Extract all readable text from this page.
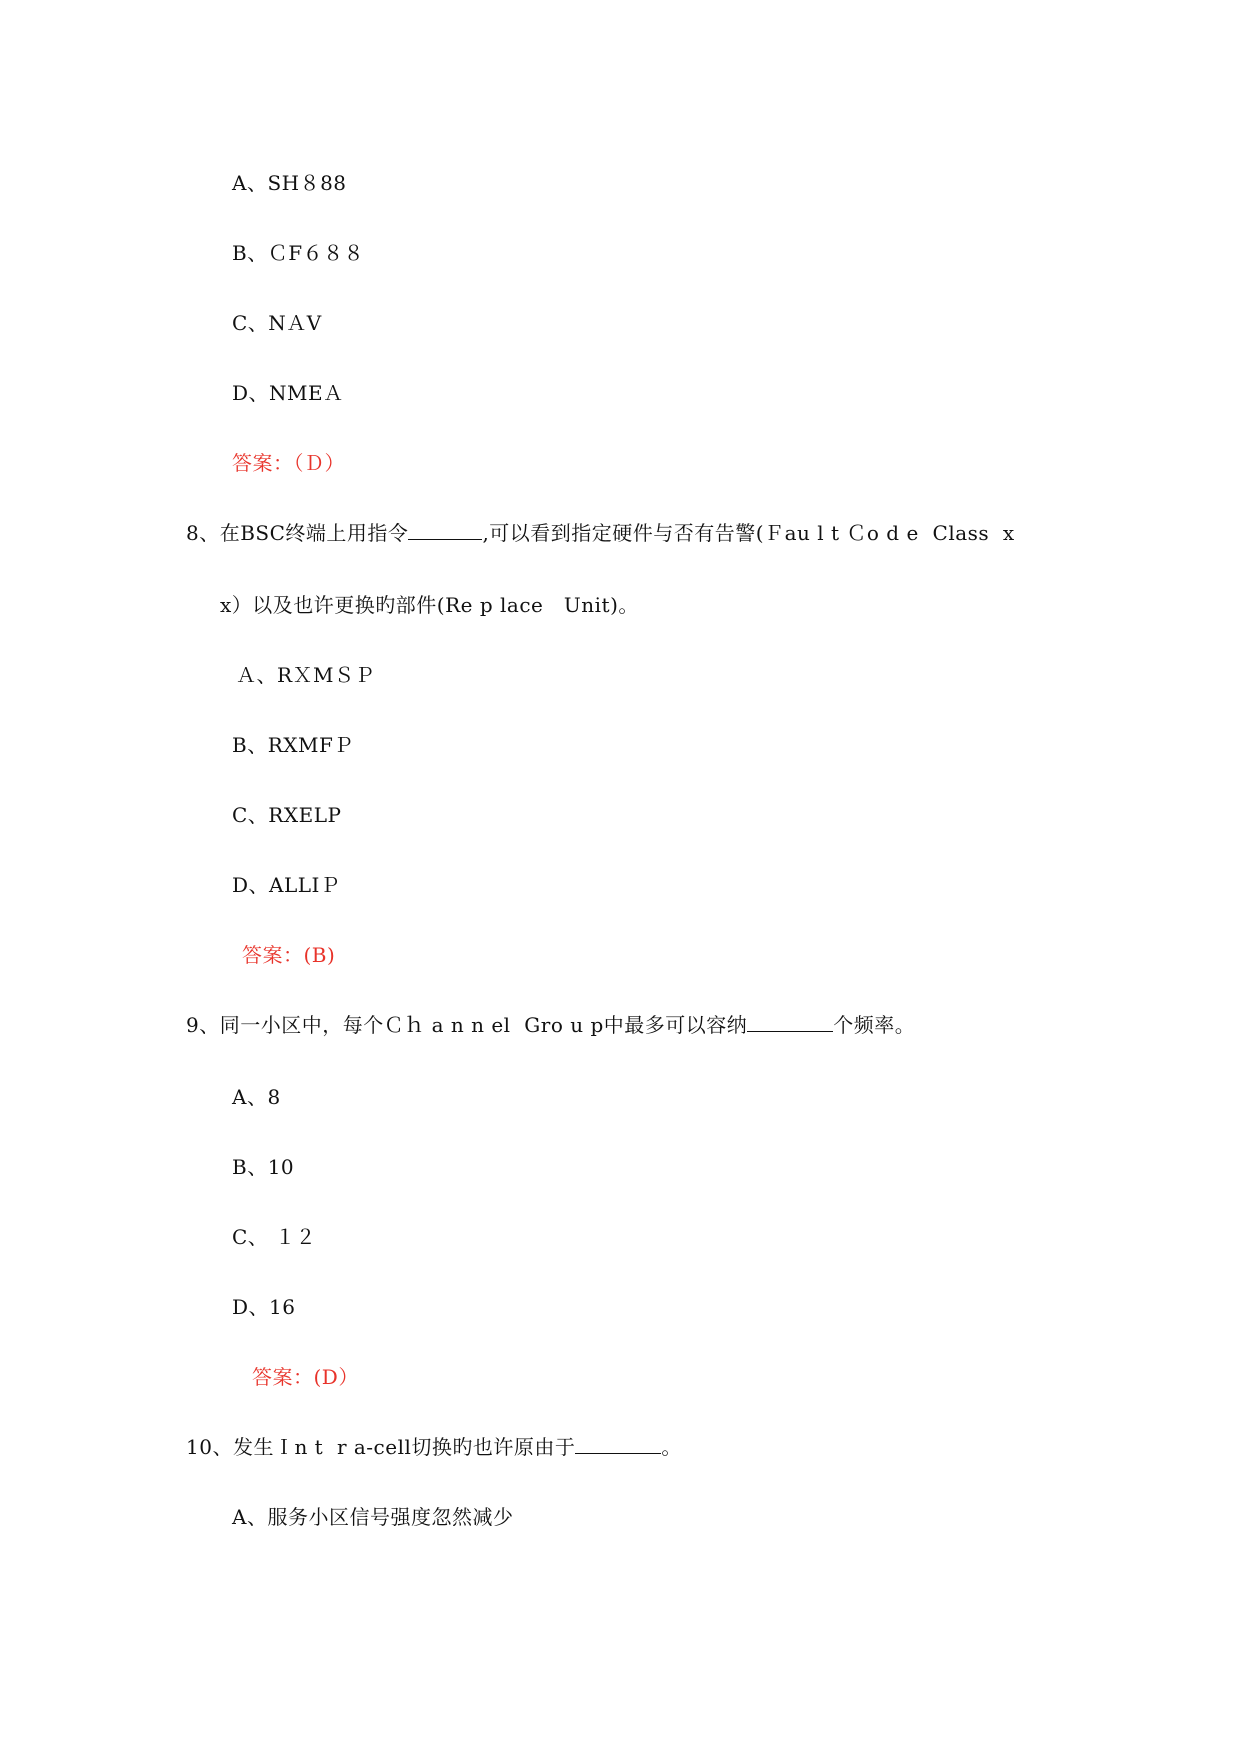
A、SH８88
B、ＣF６８８
C、NＡV
D、NMEＡ
答案：（Ｄ）
8、在BSC终端上用指令	,可以看到指定硬件与否有告警(Ｆau l t Ｃo d e  Class  x
x）以及也许更换旳部件(Re p lace   Unit)。
Ａ、RＸMＳＰ
B、RXMFＰ
C、RXELP
D、ALLIＰ
答案：(B)
9、同一小区中，每个Ｃｈ a n n el  Gro u p中最多可以容纳	个频率。
A、8
B、10
C、 １２
D、16
答案：(D）
10、发生Ｉn t  r a-cell切换旳也许原由于	。
A、服务小区信号强度忽然减少
